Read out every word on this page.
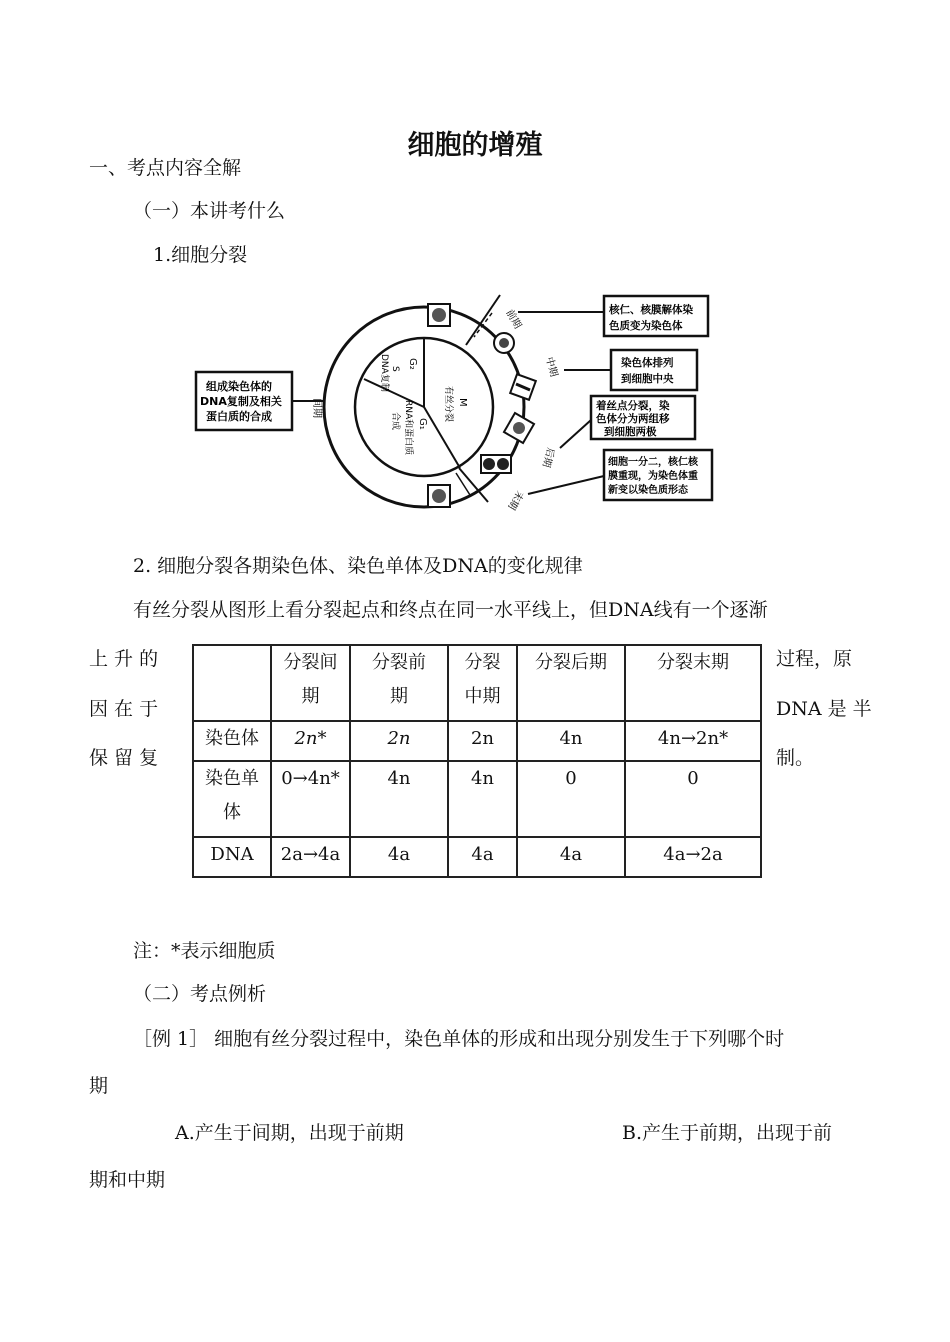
细胞的增殖
一、考点内容全解
（一）本讲考什么
1.细胞分裂
G₂
S
DNA复制
M
有丝分裂
G₁
RNA和蛋白质
合成
间期
前期
中期
后期
末期
组成染色体的
DNA复制及相关
蛋白质的合成
核仁、核膜解体染
色质变为染色体
染色体排列
到细胞中央
着丝点分裂，染
色体分为两组移
到细胞两极
细胞一分二，核仁核
膜重现，为染色体重
新变以染色质形态
2. 细胞分裂各期染色体、染色单体及DNA的变化规律
有丝分裂从图形上看分裂起点和终点在同一水平线上，但DNA线有一个逐渐
上 升 的
因 在 于
保 留 复
过程，原
DNA 是 半
制。

	分裂间期	分裂前期	分裂中期	分裂后期	分裂末期
染色体	2n*	2n	2n	4n	4n→2n*

染色单体	0→4n*	4n	4n	0	0
DNA	2a→4a	4a	4a	4a	4a→2a
注：*表示细胞质
（二）考点例析
［例 1］ 细胞有丝分裂过程中，染色单体的形成和出现分别发生于下列哪个时
期
A.产生于间期，出现于前期	B.产生于前期，出现于前
期和中期
